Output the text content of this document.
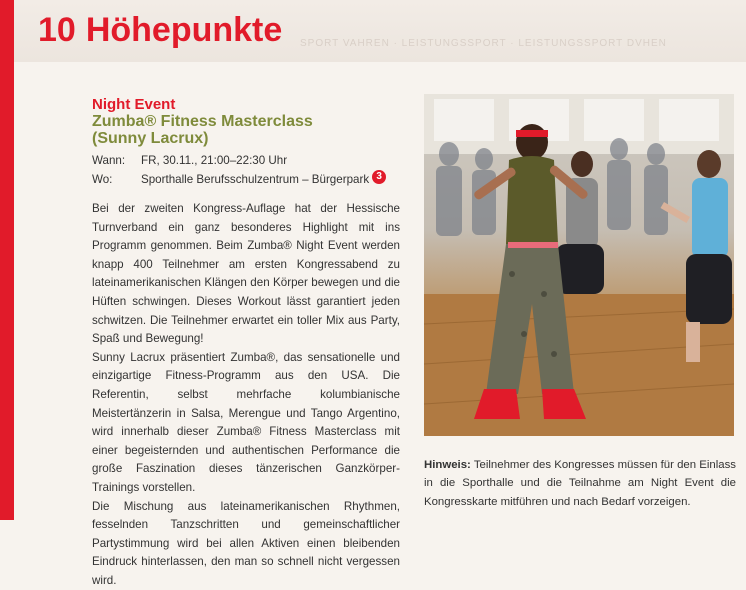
SPORT VAHREN · LEISTUNGSSPORT · LEISTUNGSSPORT DVHEN
10 Höhepunkte
Night Event
Zumba® Fitness Masterclass
(Sunny Lacrux)
Wann:	FR, 30.11., 21:00–22:30 Uhr
Wo:	Sporthalle Berufsschulzentrum – Bürgerpark 3

Bei der zweiten Kongress-Auflage hat der Hessische Turnverband ein ganz besonderes Highlight mit ins Programm genommen. Beim Zumba® Night Event werden knapp 400 Teilnehmer am ersten Kongressabend zu lateinamerikanischen Klängen den Körper bewegen und die Hüften schwingen. Dieses Workout lässt garantiert jeden schwitzen. Die Teilnehmer erwartet ein toller Mix aus Party, Spaß und Bewegung!

Sunny Lacrux präsentiert Zumba®, das sensationelle und einzigartige Fitness-Programm aus den USA. Die Referentin, selbst mehrfache kolumbianische Meistertänzerin in Salsa, Merengue und Tango Argentino, wird innerhalb dieser Zumba® Fitness Masterclass mit einer begeisternden und authentischen Performance die große Faszination dieses tänzerischen Ganzkörper-Trainings vorstellen.

Die Mischung aus lateinamerikanischen Rhythmen, fesselnden Tanzschritten und gemeinschaftlicher Partystimmung wird bei allen Aktiven einen bleibenden Eindruck hinterlassen, den man so schnell nicht vergessen wird.

Hinweis: Teilnehmer des Kongresses müssen für den Einlass in die Sporthalle und die Teilnahme am Night Event die Kongresskarte mitführen und nach Bedarf vorzeigen.
